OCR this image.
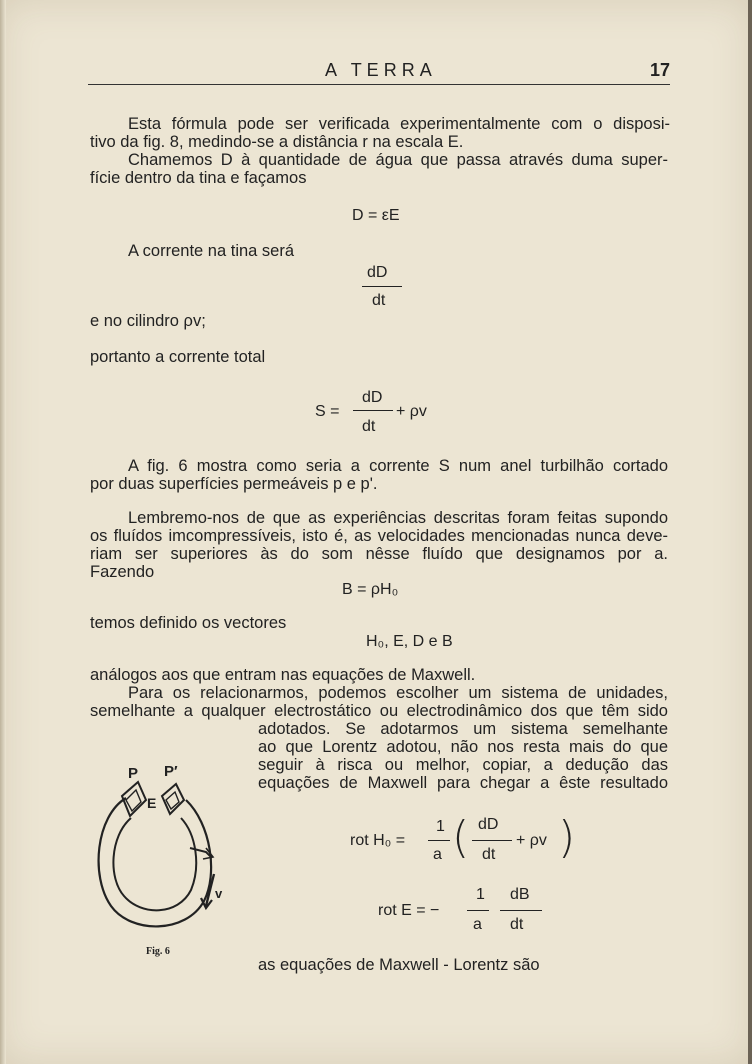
A TERRA	17
Esta fórmula pode ser verificada experimentalmente com o disposi-
tivo da fig. 8, medindo-se a distância r na escala E.
Chamemos D à quantidade de água que passa através duma super-
fície dentro da tina e façamos
D = εE
A corrente na tina será
dD
dt
e no cilindro ρv;
portanto a corrente total
S =
dD
dt
+ ρv
A fig. 6 mostra como seria a corrente S num anel turbilhão cortado
por duas superfícies permeáveis p e p'.
Lembremo-nos de que as experiências descritas foram feitas supondo
os fluídos imcompressíveis, isto é, as velocidades mencionadas nunca deve-
riam ser superiores às do som nêsse fluído que designamos por a.
Fazendo
B = ρH₀
temos definido os vectores
H₀, E, D e B
análogos aos que entram nas equações de Maxwell.
Para os relacionarmos, podemos escolher um sistema de unidades,
semelhante a qualquer electrostático ou electrodinâmico dos que têm sido
adotados. Se adotarmos um sistema semelhante
ao que Lorentz adotou, não nos resta mais do que
seguir à risca ou melhor, copiar, a dedução das
equações de Maxwell para chegar a êste resultado
P P′
E
v
Fig. 6
rot H₀ =
1
a ( dD
dt
+ ρv )
rot E = −
1
a
dB
dt
as equações de Maxwell - Lorentz são
